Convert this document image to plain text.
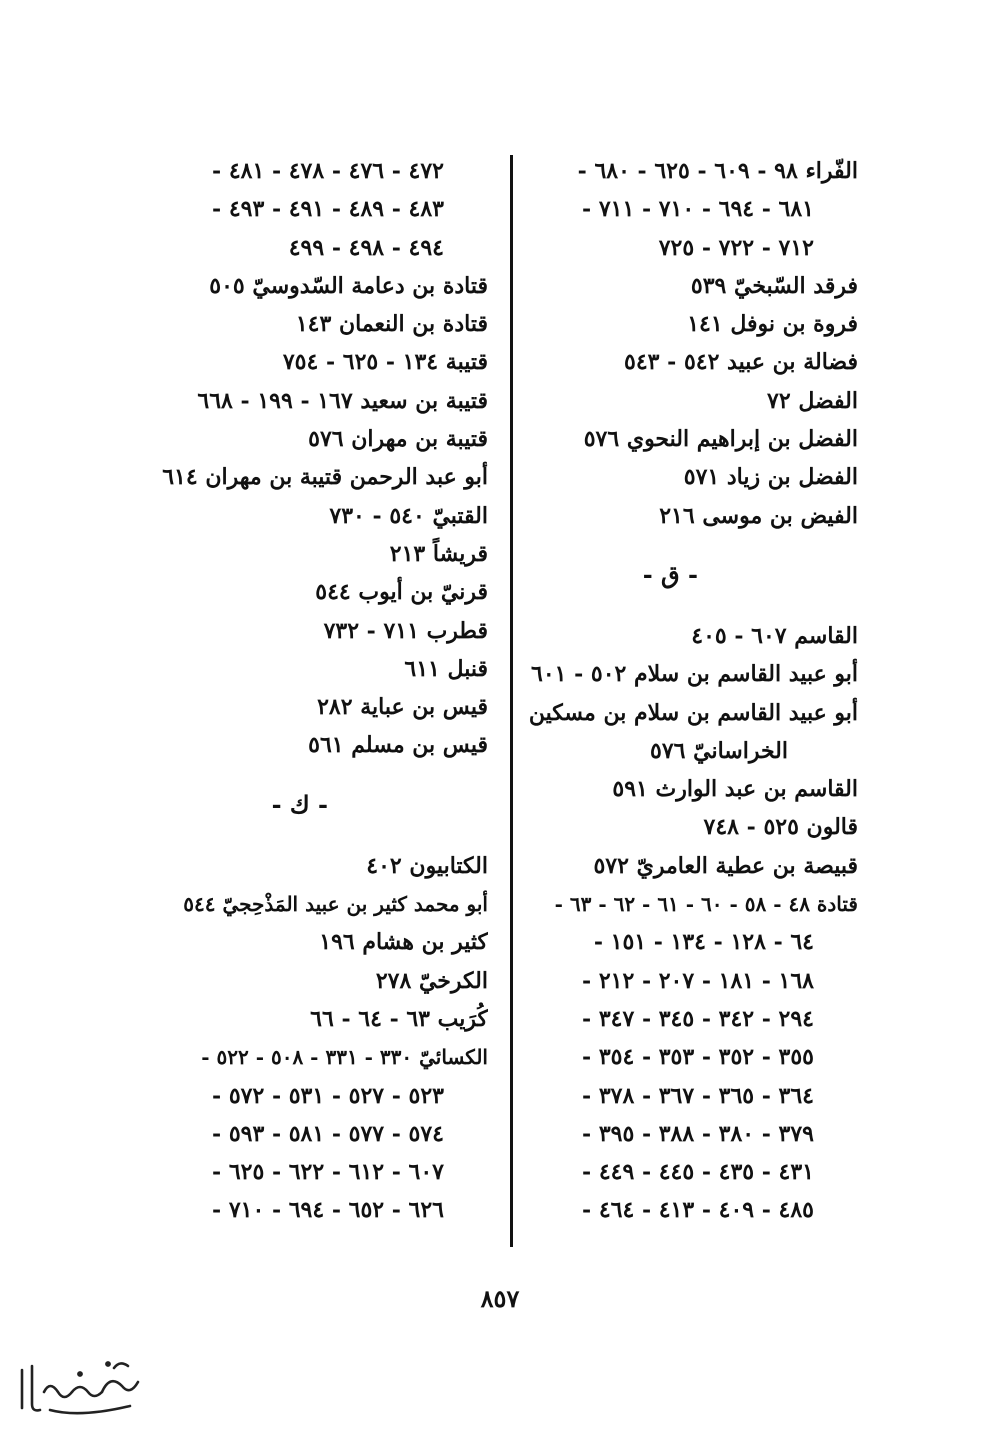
الفّراء ٩٨ - ٦٠٩ - ٦٢٥ - ٦٨٠ -
٦٨١ - ٦٩٤ - ٧١٠ - ٧١١ -
٧١٢ - ٧٢٢ - ٧٢٥
فرقد السّبخيّ ٥٣٩
فروة بن نوفل ١٤١
فضالة بن عبيد ٥٤٢ - ٥٤٣
الفضل ٧٢
الفضل بن إبراهيم النحوي ٥٧٦
الفضل بن زياد ٥٧١
الفيض بن موسى ٢١٦
- ق -
القاسم ٦٠٧ - ٤٠٥
أبو عبيد القاسم بن سلام ٥٠٢ - ٦٠١
أبو عبيد القاسم بن سلام بن مسكين
الخراسانيّ ٥٧٦
القاسم بن عبد الوارث ٥٩١
قالون ٥٢٥ - ٧٤٨
قبيصة بن عطية العامريّ ٥٧٢
قتادة ٤٨ - ٥٨ - ٦٠ - ٦١ - ٦٢ - ٦٣ -
٦٤ - ١٢٨ - ١٣٤ - ١٥١ -
١٦٨ - ١٨١ - ٢٠٧ - ٢١٢ -
٢٩٤ - ٣٤٢ - ٣٤٥ - ٣٤٧ -
٣٥٥ - ٣٥٢ - ٣٥٣ - ٣٥٤ -
٣٦٤ - ٣٦٥ - ٣٦٧ - ٣٧٨ -
٣٧٩ - ٣٨٠ - ٣٨٨ - ٣٩٥ -
٤٣١ - ٤٣٥ - ٤٤٥ - ٤٤٩ -
٤٨٥ - ٤٠٩ - ٤١٣ - ٤٦٤ -
٤٧٢ - ٤٧٦ - ٤٧٨ - ٤٨١ -
٤٨٣ - ٤٨٩ - ٤٩١ - ٤٩٣ -
٤٩٤ - ٤٩٨ - ٤٩٩
قتادة بن دعامة السّدوسيّ ٥٠٥
قتادة بن النعمان ١٤٣
قتيبة ١٣٤ - ٦٢٥ - ٧٥٤
قتيبة بن سعيد ١٦٧ - ١٩٩ - ٦٦٨
قتيبة بن مهران ٥٧٦
أبو عبد الرحمن قتيبة بن مهران ٦١٤
القتبيّ ٥٤٠ - ٧٣٠
قريشاً ٢١٣
قرنيّ بن أيوب ٥٤٤
قطرب ٧١١ - ٧٣٢
قنبل ٦١١
قيس بن عباية ٢٨٢
قيس بن مسلم ٥٦١
- ك -
الكتابيون ٤٠٢
أبو محمد كثير بن عبيد المَذْحِجيّ ٥٤٤
كثير بن هشام ١٩٦
الكرخيّ ٢٧٨
كُرَيب ٦٣ - ٦٤ - ٦٦
الكسائيّ ٣٣٠ - ٣٣١ - ٥٠٨ - ٥٢٢ -
٥٢٣ - ٥٢٧ - ٥٣١ - ٥٧٢ -
٥٧٤ - ٥٧٧ - ٥٨١ - ٥٩٣ -
٦٠٧ - ٦١٢ - ٦٢٢ - ٦٢٥ -
٦٢٦ - ٦٥٢ - ٦٩٤ - ٧١٠ -
٨٥٧
